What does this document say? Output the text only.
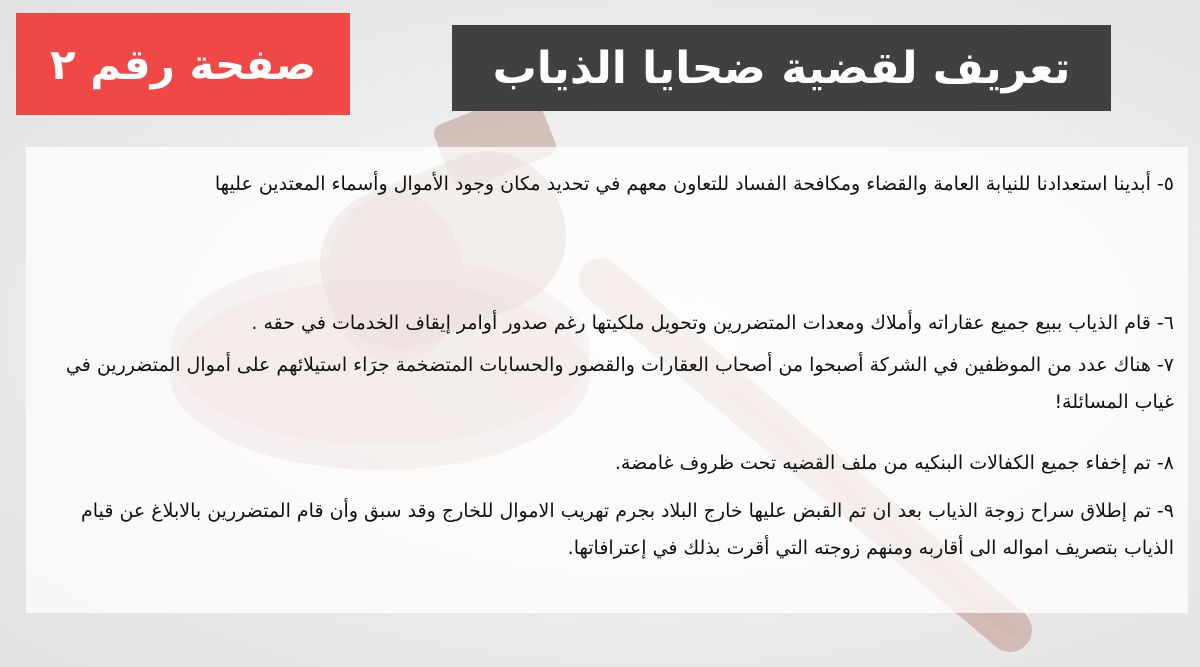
صفحة رقم ٢	تعريف لقضية ضحايا الذياب

٥- أبدينا استعدادنا للنيابة العامة والقضاء ومكافحة الفساد للتعاون معهم في تحديد مكان وجود الأموال وأسماء المعتدين عليها

٦- قام الذياب ببيع جميع عقاراته وأملاك ومعدات المتضررين وتحويل ملكيتها رغم صدور أوامر إيقاف الخدمات في حقه .

٧- هناك عدد من الموظفين في الشركة أصبحوا من أصحاب العقارات والقصور والحسابات المتضخمة جرَاء استيلائهم على أموال المتضررين في غياب المسائلة!

٨- تم إخفاء جميع الكفالات البنكيه من ملف القضيه تحت ظروف غامضة.

٩- تم إطلاق سراح زوجة الذياب بعد ان تم القبض عليها خارج البلاد بجرم تهريب الاموال للخارج وقد سبق وأن قام المتضررين بالابلاغ عن قيام الذياب بتصريف امواله الى أقاربه ومنهم زوجته التي أقرت بذلك في إعترافاتها.
